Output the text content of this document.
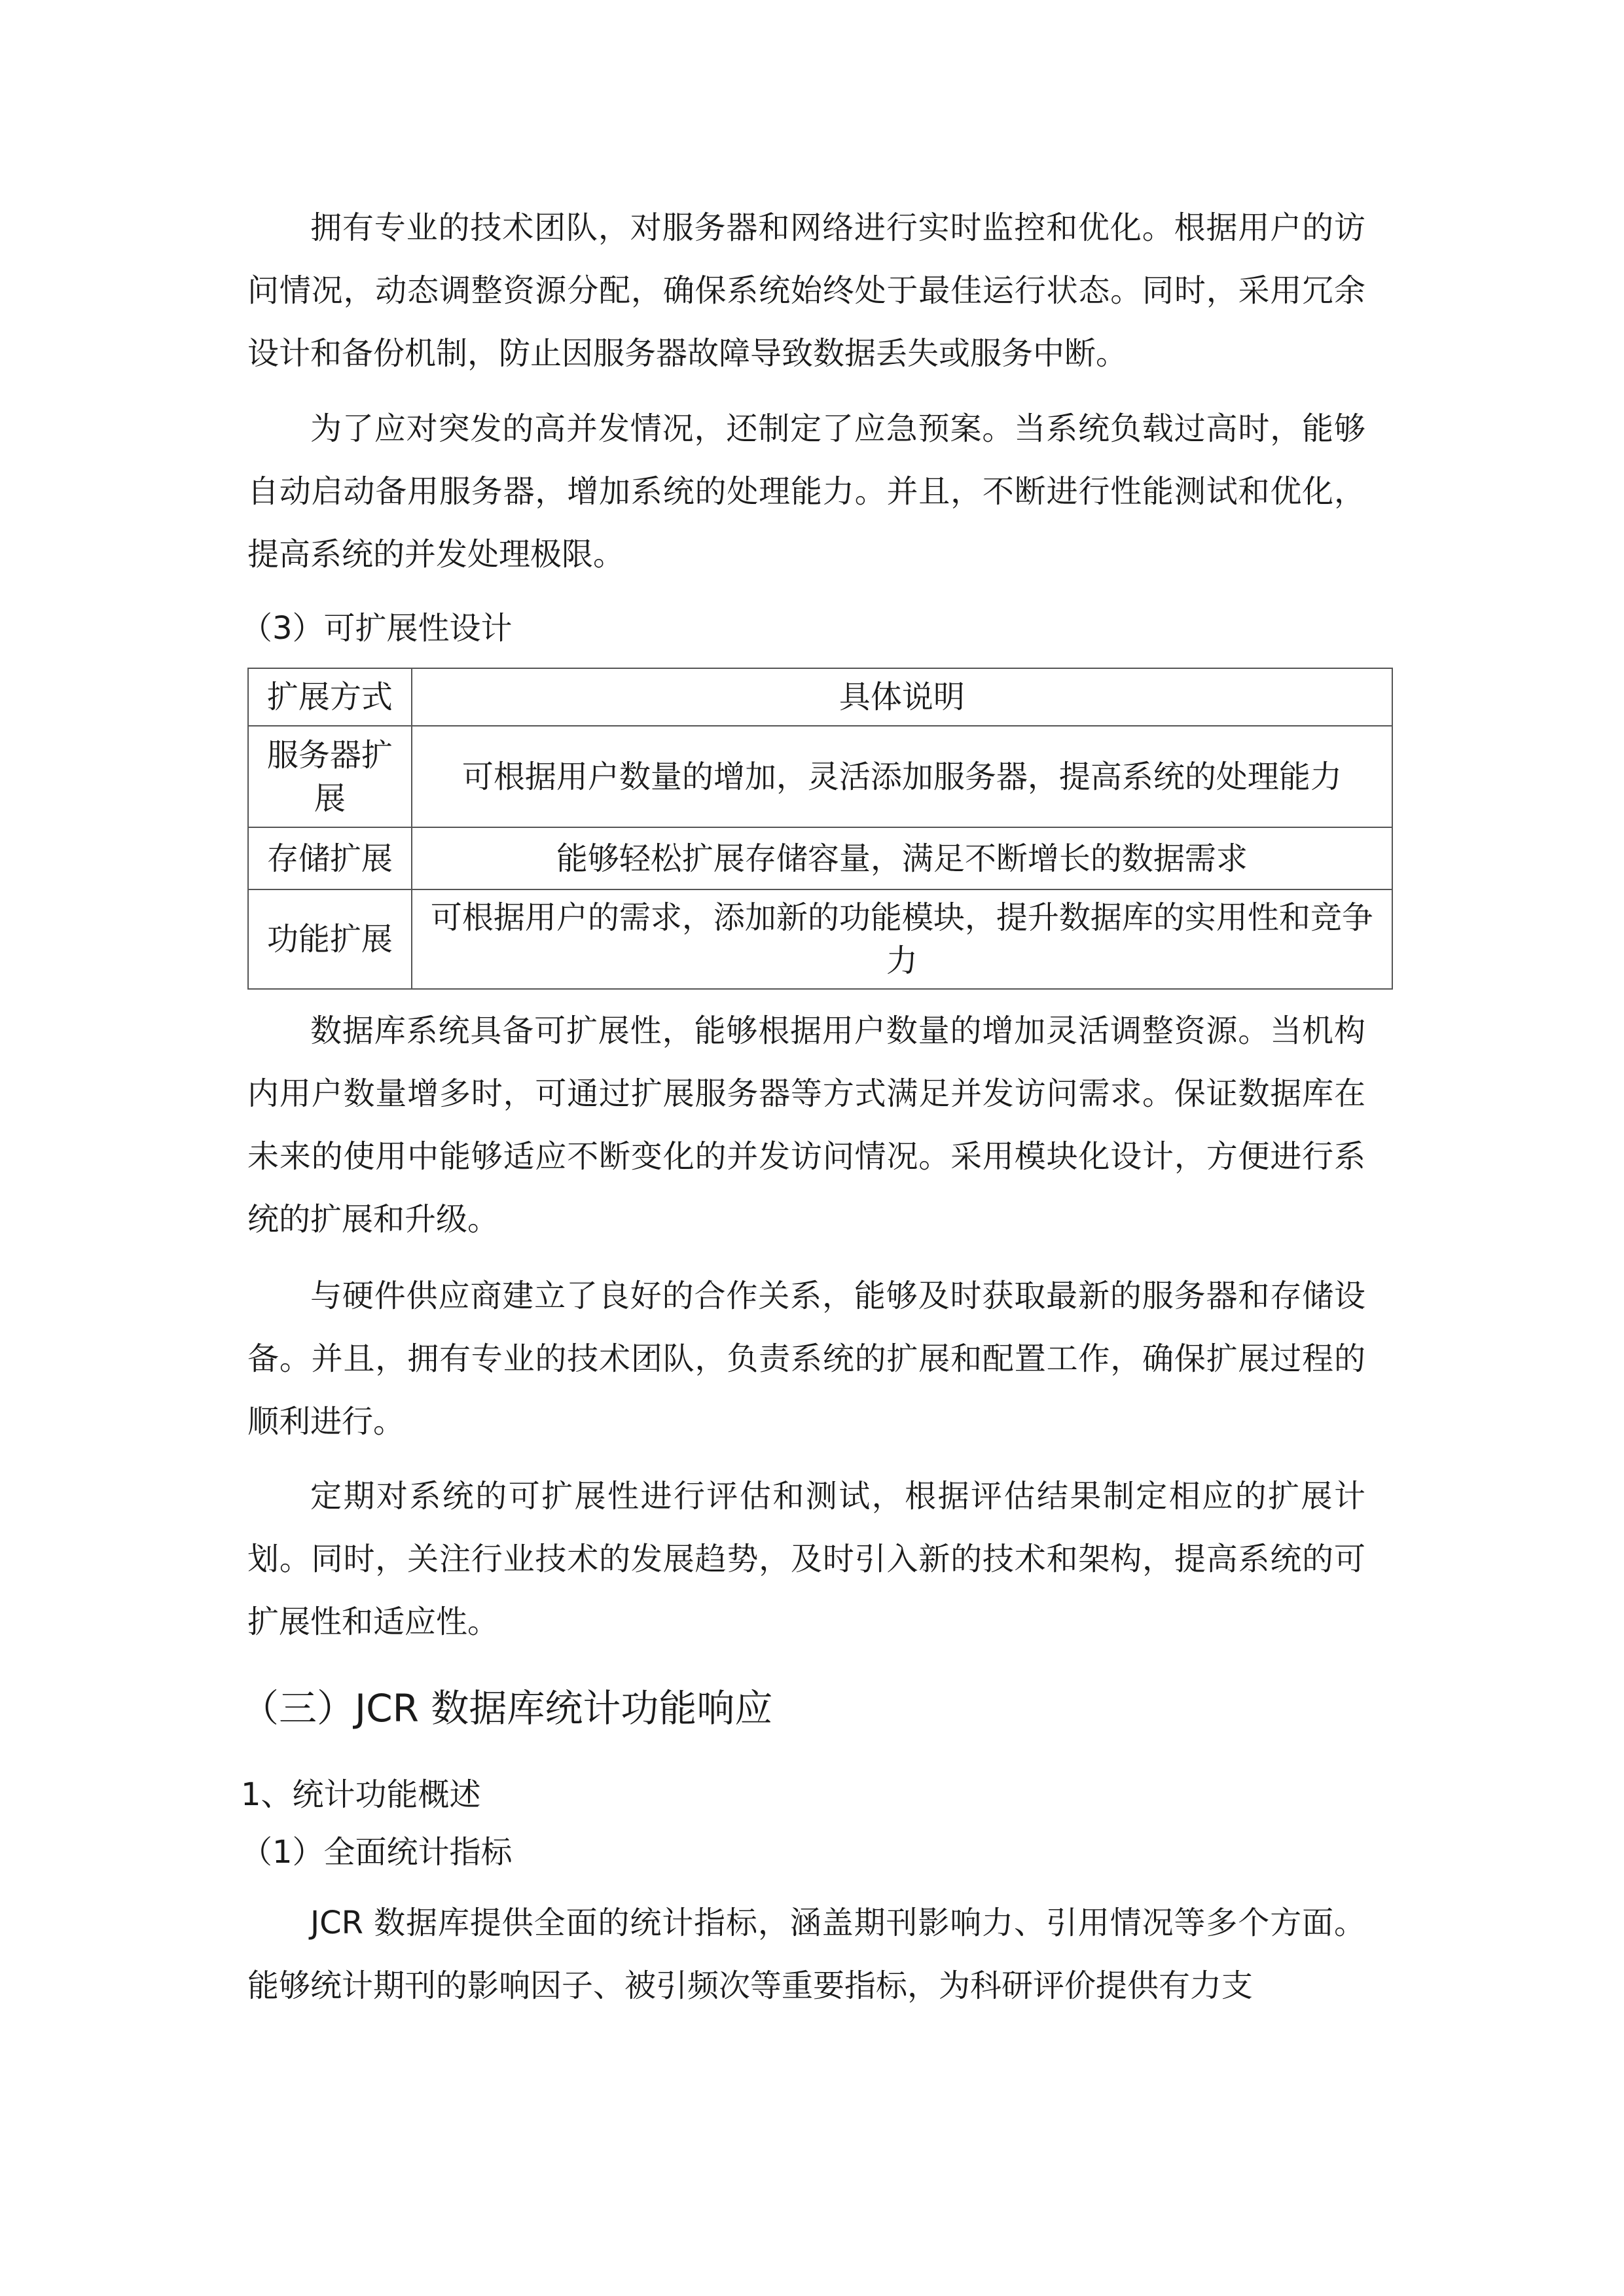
拥有专业的技术团队，对服务器和网络进行实时监控和优化。根据用户的访问情况，动态调整资源分配，确保系统始终处于最佳运行状态。同时，采用冗余设计和备份机制，防止因服务器故障导致数据丢失或服务中断。

为了应对突发的高并发情况，还制定了应急预案。当系统负载过高时，能够自动启动备用服务器，增加系统的处理能力。并且，不断进行性能测试和优化，提高系统的并发处理极限。

（3）可扩展性设计

扩展方式	具体说明
服务器扩展	可根据用户数量的增加，灵活添加服务器，提高系统的处理能力
存储扩展	能够轻松扩展存储容量，满足不断增长的数据需求
功能扩展	可根据用户的需求，添加新的功能模块，提升数据库的实用性和竞争力

数据库系统具备可扩展性，能够根据用户数量的增加灵活调整资源。当机构内用户数量增多时，可通过扩展服务器等方式满足并发访问需求。保证数据库在未来的使用中能够适应不断变化的并发访问情况。采用模块化设计，方便进行系统的扩展和升级。

与硬件供应商建立了良好的合作关系，能够及时获取最新的服务器和存储设备。并且，拥有专业的技术团队，负责系统的扩展和配置工作，确保扩展过程的顺利进行。

定期对系统的可扩展性进行评估和测试，根据评估结果制定相应的扩展计划。同时，关注行业技术的发展趋势，及时引入新的技术和架构，提高系统的可扩展性和适应性。

（三）JCR 数据库统计功能响应

1、统计功能概述

（1）全面统计指标

JCR 数据库提供全面的统计指标，涵盖期刊影响力、引用情况等多个方面。能够统计期刊的影响因子、被引频次等重要指标，为科研评价提供有力支
